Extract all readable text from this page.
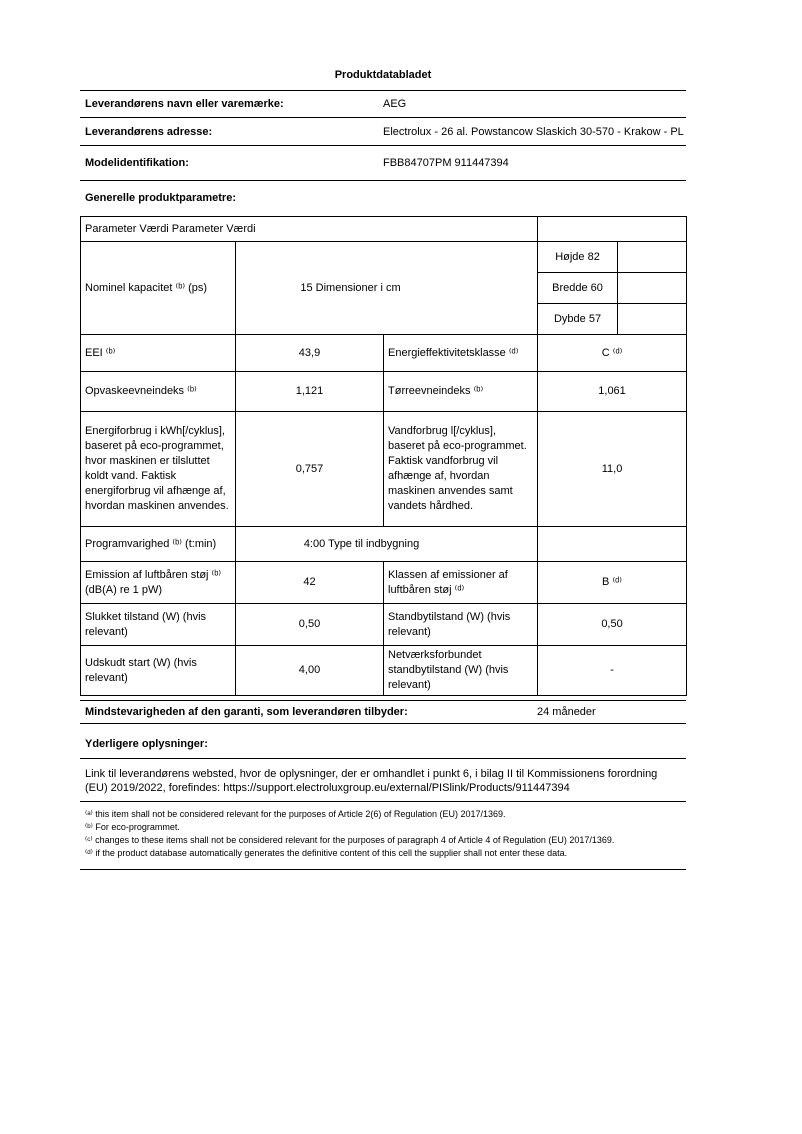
Produktdatabladet
Leverandørens navn eller varemærke:	AEG
Leverandørens adresse:	Electrolux - 26 al. Powstancow Slaskich 30-570 - Krakow - PL
Modelidentifikation:	FBB84707PM 911447394
Generelle produktparametre:
Parameter Værdi Parameter Værdi				
Nominel kapacitet ⁽ᵇ⁾ (ps)	15 Dimensioner i cm		Højde 82	
			Bredde 60	
			Dybde 57	
EEI ⁽ᵇ⁾	43,9	Energieffektivitetsklasse ⁽ᵈ⁾	C ⁽ᵈ⁾	
Opvaskeevneindeks ⁽ᵇ⁾	1,121	Tørreevneindeks ⁽ᵇ⁾	1,061	
Energiforbrug i kWh[/cyklus], baseret på eco-programmet, hvor maskinen er tilsluttet koldt vand. Faktisk energiforbrug vil afhænge af, hvordan maskinen anvendes.	0,757	Vandforbrug l[/cyklus], baseret på eco-programmet. Faktisk vandforbrug vil afhænge af, hvordan maskinen anvendes samt vandets hårdhed.	11,0	
Programvarighed ⁽ᵇ⁾ (t:min)	4:00 Type til indbygning			
Emission af luftbåren støj ⁽ᵇ⁾ (dB(A) re 1 pW)	42	Klassen af emissioner af luftbåren støj ⁽ᵈ⁾	B ⁽ᵈ⁾	
Slukket tilstand (W) (hvis relevant)	0,50	Standbytilstand (W) (hvis relevant)	0,50	
Udskudt start (W) (hvis relevant)	4,00	Netværksforbundet standbytilstand (W) (hvis relevant)	-	
Mindstevarigheden af den garanti, som leverandøren tilbyder:	24 måneder
Yderligere oplysninger:
Link til leverandørens websted, hvor de oplysninger, der er omhandlet i punkt 6, i bilag II til Kommissionens forordning (EU) 2019/2022, forefindes: https://support.electroluxgroup.eu/external/PISlink/Products/911447394
⁽ᵃ⁾ this item shall not be considered relevant for the purposes of Article 2(6) of Regulation (EU) 2017/1369.
⁽ᵇ⁾ For eco-programmet.
⁽ᶜ⁾ changes to these items shall not be considered relevant for the purposes of paragraph 4 of Article 4 of Regulation (EU) 2017/1369.
⁽ᵈ⁾ if the product database automatically generates the definitive content of this cell the supplier shall not enter these data.
